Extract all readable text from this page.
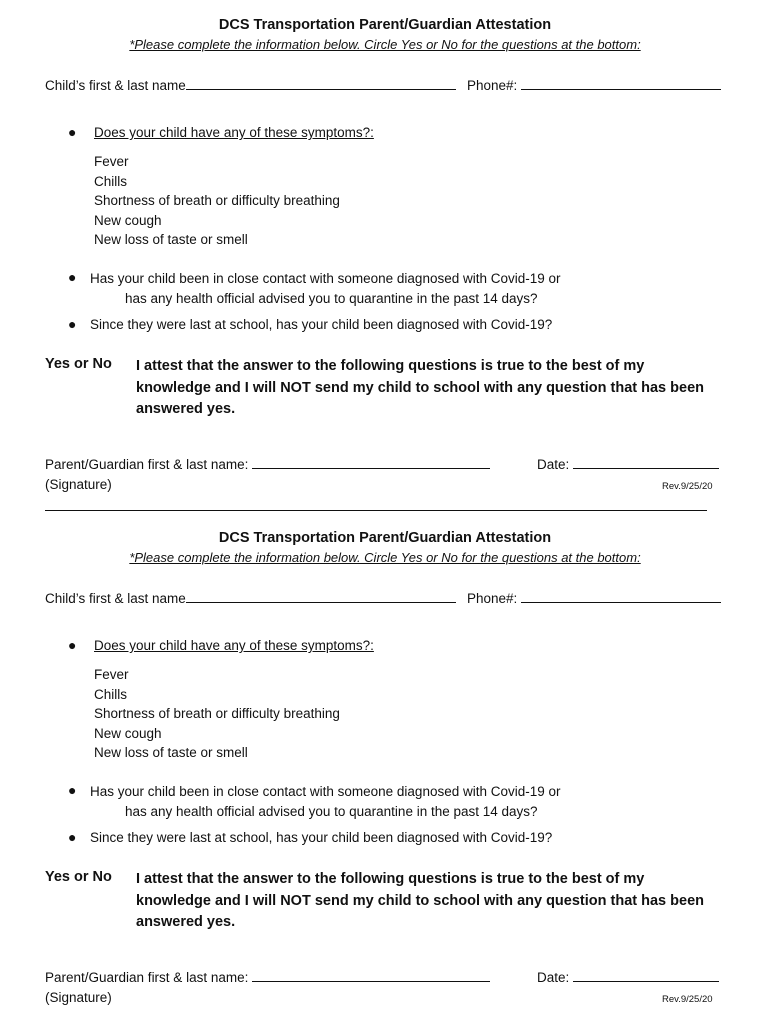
DCS Transportation Parent/Guardian Attestation

*Please complete the information below. Circle Yes or No for the questions at the bottom:

Child’s first & last name	Phone#:
● Does your child have any of these symptoms?:
Fever
Chills
Shortness of breath or difficulty breathing
New cough
New loss of taste or smell
● Has your child been in close contact with someone diagnosed with Covid-19 or
has any health official advised you to quarantine in the past 14 days?
● Since they were last at school, has your child been diagnosed with Covid-19?
Yes or No I attest that the answer to the following questions is true to the best of my knowledge and I will NOT send my child to school with any question that has been answered yes.

Parent/Guardian first & last name:	Date:
(Signature)	Rev.9/25/20
DCS Transportation Parent/Guardian Attestation

*Please complete the information below. Circle Yes or No for the questions at the bottom:

Child’s first & last name	Phone#:
● Does your child have any of these symptoms?:
Fever
Chills
Shortness of breath or difficulty breathing
New cough
New loss of taste or smell
● Has your child been in close contact with someone diagnosed with Covid-19 or
has any health official advised you to quarantine in the past 14 days?
● Since they were last at school, has your child been diagnosed with Covid-19?
Yes or No I attest that the answer to the following questions is true to the best of my knowledge and I will NOT send my child to school with any question that has been answered yes.

Parent/Guardian first & last name:	Date:
(Signature)	Rev.9/25/20
